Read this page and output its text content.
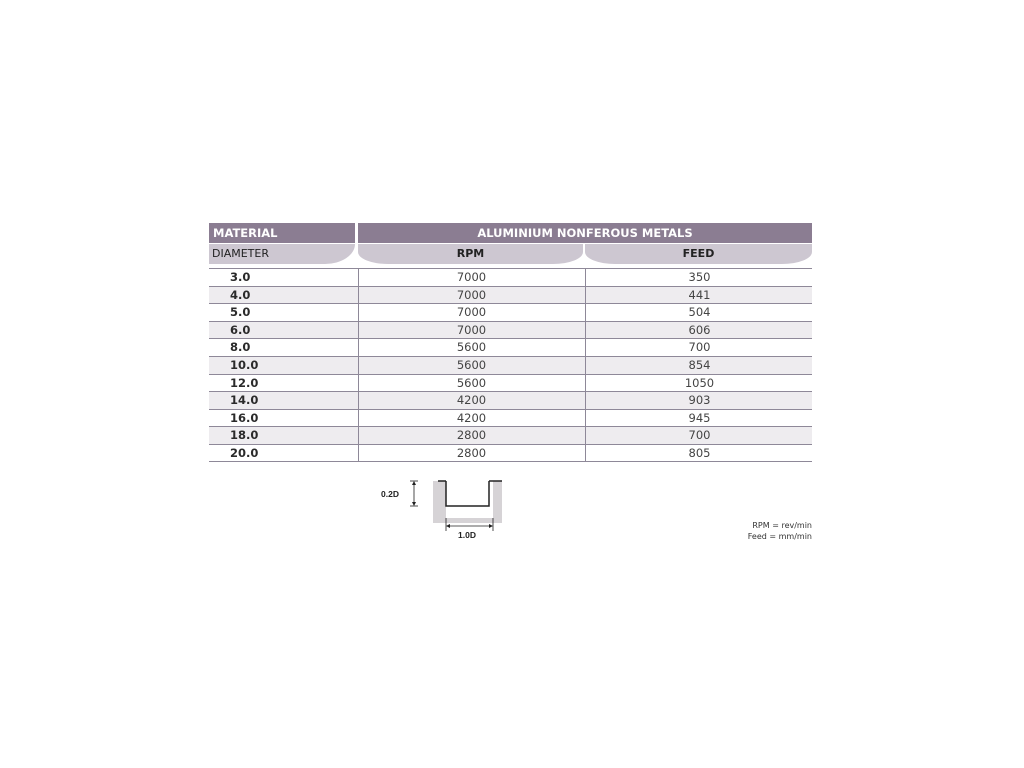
MATERIAL	ALUMINIUM NONFEROUS METALS
DIAMETER	RPM	FEED
3.0	7000	350
4.0	7000	441
5.0	7000	504
6.0	7000	606
8.0	5600	700
10.0	5600	854
12.0	5600	1050
14.0	4200	903
16.0	4200	945
18.0	2800	700
20.0	2800	805
0.2D
1.0D
RPM = rev/min
Feed = mm/min
